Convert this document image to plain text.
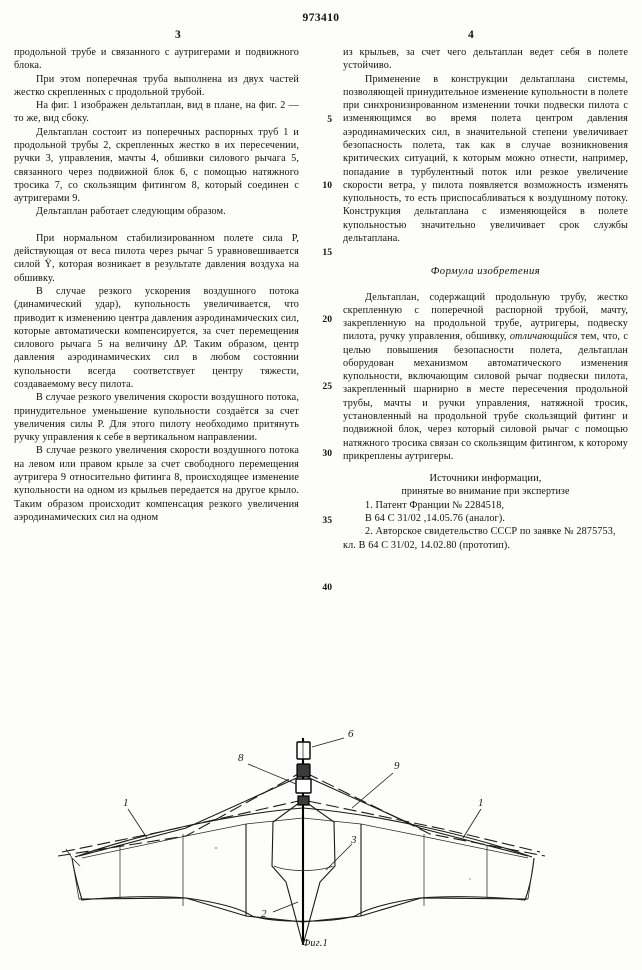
973410
3	4

продольной трубе и связанного с аутригерами и подвижного блока.

При этом поперечная труба выполнена из двух частей жестко скрепленных с продольной трубой.

На фиг. 1 изображен дельтаплан, вид в плане, на фиг. 2 — то же, вид сбоку.

Дельтаплан состоит из поперечных распорных труб 1 и продольной трубы 2, скрепленных жестко в их пересечении, ручки 3, управления, мачты 4, обшивки силового рычага 5, связанного через подвижной блок 6, с помощью натяжного тросика 7, со скользящим фитингом 8, который соединен с аутригерами 9.

Дельтаплан работает следующим образом.

При нормальном стабилизированном полете сила Р, действующая от веса пилота через рычаг 5 уравновешивается силой Ÿ, которая возникает в результате давления воздуха на обшивку.

В случае резкого ускорения воздушного потока (динамический удар), купольность увеличивается, что приводит к изменению центра давления аэродинамических сил, которые автоматически компенсируется, за счет перемещения силового рычага 5 на величину ΔР. Таким образом, центр давления аэродинамических сил в любом состоянии купольности всегда соответствует центру тяжести, создаваемому весу пилота.

В случае резкого увеличения скорости воздушного потока, принудительное уменьшение купольности создаётся за счет увеличения силы Р. Для этого пилоту необходимо притянуть ручку управления к себе в вертикальном направлении.

В случае резкого увеличения скорости воздушного потока на левом или правом крыле за счет свободного перемещения аутригера 9 относительно фитинга 8, происходящее изменение купольности на одном из крыльев передается на другое крыло. Таким образом происходит компенсация резкого увеличения аэродинамических сил на одном

5
10
15
20
25
30
35
40

из крыльев, за счет чего дельтаплан ведет себя в полете устойчиво.

Применение в конструкции дельтаплана системы, позволяющей принудительное изменение купольности в полете при синхронизированном изменении точки подвески пилота с изменяющимся во время полета центром давления аэродинамических сил, в значительной степени увеличивает безопасность полета, так как в случае возникновения критических ситуаций, к которым можно отнести, например, попадание в турбулентный поток или резкое увеличение скорости ветра, у пилота появляется возможность изменять купольность, то есть приспосабливаться к воздушному потоку. Конструкция дельтаплана с изменяющейся в полете купольностью значительно увеличивает срок службы дельтаплана.

Формула изобретения

Дельтаплан, содержащий продольную трубу, жестко скрепленную с поперечной распорной трубой, мачту, закрепленную на продольной трубе, аутригеры, подвеску пилота, ручку управления, обшивку, отличающийся тем, что, с целью повышения безопасности полета, дельтаплан оборудован механизмом автоматического изменения купольности, включающим силовой рычаг подвески пилота, закрепленный шарнирно в месте пересечения продольной трубы, мачты и ручки управления, натяжной тросик, установленный на продольной трубе скользящий фитинг и подвижной блок, через который силовой рычаг с помощью натяжного тросика связан со скользящим фитингом, к которому прикреплены аутригеры.

Источники информации,

принятые во внимание при экспертизе

1. Патент Франции № 2284518,

В 64 С 31/02 ,14.05.76 (аналог).

2. Авторское свидетельство СССР по заявке № 2875753, кл. В 64 С 31/02, 14.02.80 (прототип).

6
8
9
1	1
3
2
Фиг.1
